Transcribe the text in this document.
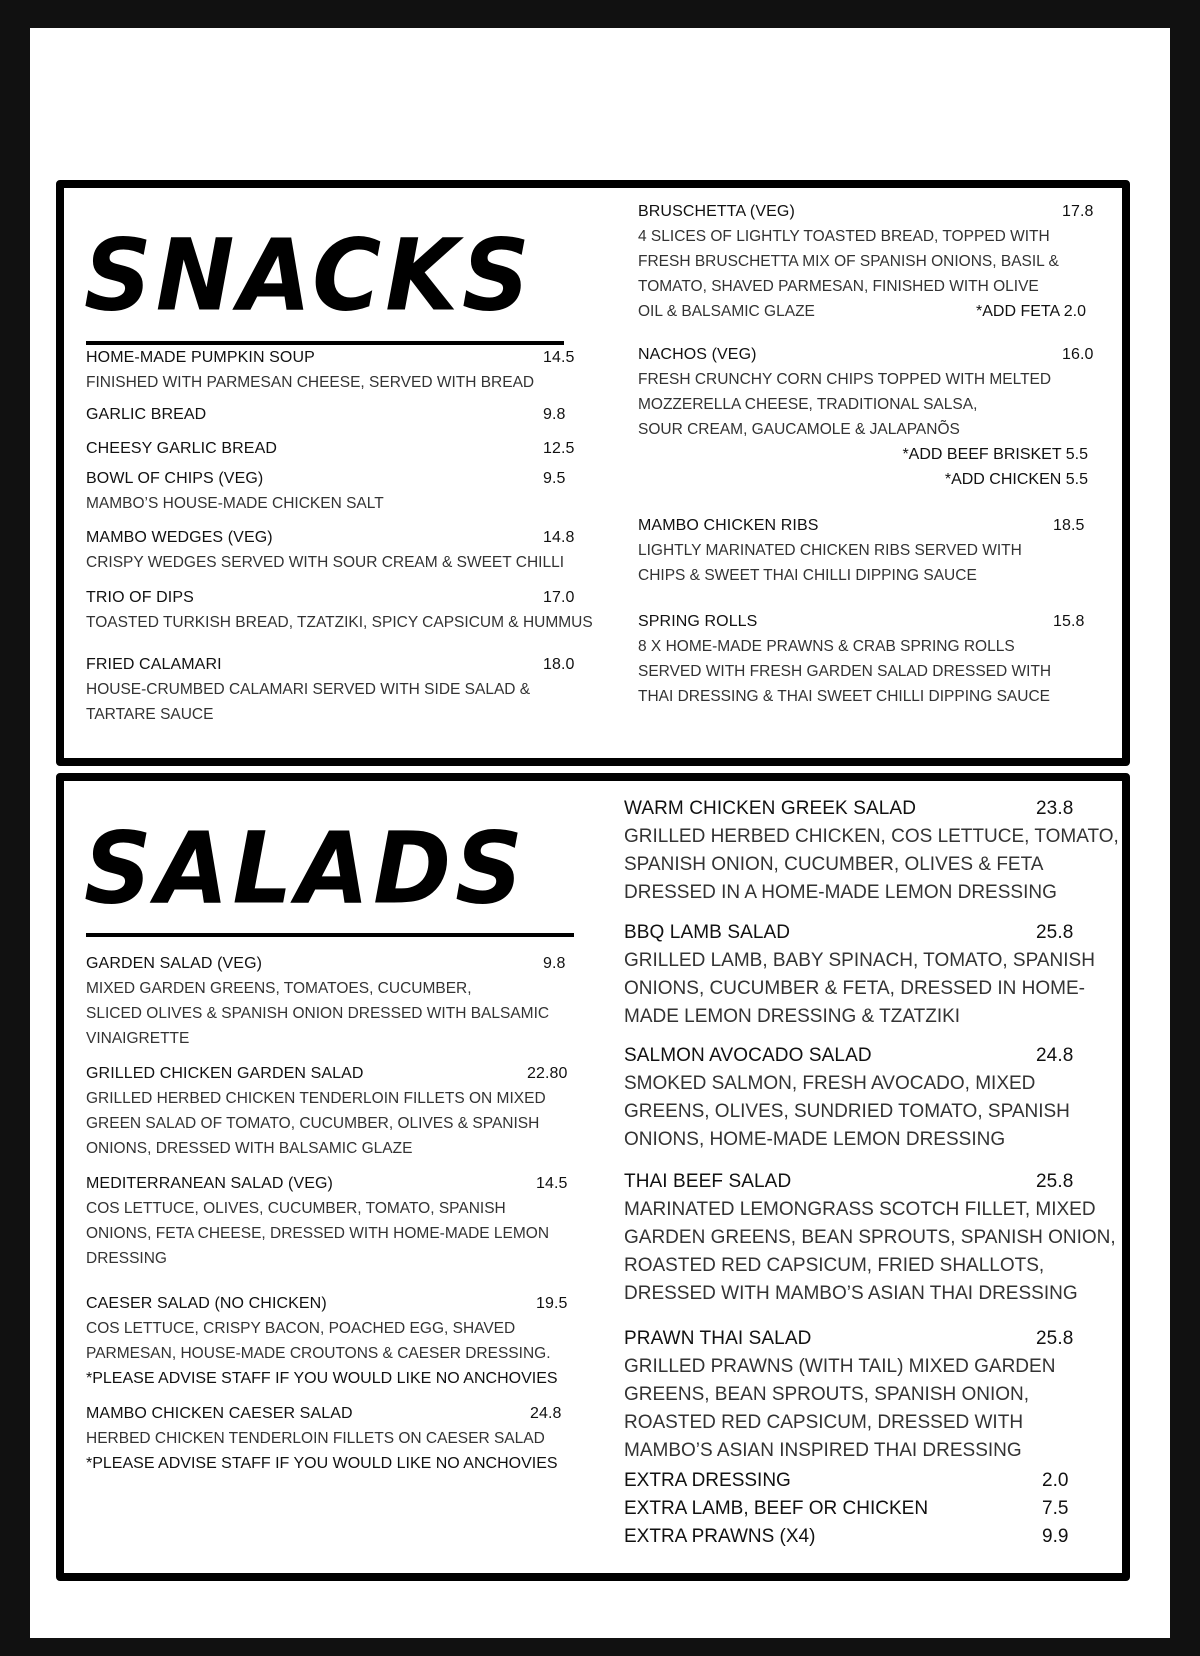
SNACKS
HOME-MADE PUMPKIN SOUP	14.5
FINISHED WITH PARMESAN CHEESE, SERVED WITH BREAD
GARLIC BREAD	9.8
CHEESY GARLIC BREAD	12.5
BOWL OF CHIPS (VEG)	9.5
MAMBO’S HOUSE-MADE CHICKEN SALT
MAMBO WEDGES (VEG)	14.8
CRISPY WEDGES SERVED WITH SOUR CREAM & SWEET CHILLI
TRIO OF DIPS	17.0
TOASTED TURKISH BREAD, TZATZIKI, SPICY CAPSICUM & HUMMUS
FRIED CALAMARI	18.0
HOUSE-CRUMBED CALAMARI SERVED WITH SIDE SALAD &
TARTARE SAUCE
BRUSCHETTA (VEG)	17.8
4 SLICES OF LIGHTLY TOASTED BREAD, TOPPED WITH
FRESH BRUSCHETTA MIX OF SPANISH ONIONS, BASIL &
TOMATO, SHAVED PARMESAN, FINISHED WITH OLIVE
OIL & BALSAMIC GLAZE	*ADD FETA 2.0
NACHOS (VEG)	16.0
FRESH CRUNCHY CORN CHIPS TOPPED WITH MELTED
MOZZERELLA CHEESE, TRADITIONAL SALSA,
SOUR CREAM, GAUCAMOLE & JALAPANÕS
*ADD BEEF BRISKET 5.5
*ADD CHICKEN 5.5
MAMBO CHICKEN RIBS	18.5
LIGHTLY MARINATED CHICKEN RIBS SERVED WITH
CHIPS & SWEET THAI CHILLI DIPPING SAUCE
SPRING ROLLS	15.8
8 X HOME-MADE PRAWNS & CRAB SPRING ROLLS
SERVED WITH FRESH GARDEN SALAD DRESSED WITH
THAI DRESSING & THAI SWEET CHILLI DIPPING SAUCE
SALADS
GARDEN SALAD (VEG)	9.8
MIXED GARDEN GREENS, TOMATOES, CUCUMBER,
SLICED OLIVES & SPANISH ONION DRESSED WITH BALSAMIC
VINAIGRETTE
GRILLED CHICKEN GARDEN SALAD	22.80
GRILLED HERBED CHICKEN TENDERLOIN FILLETS ON MIXED
GREEN SALAD OF TOMATO, CUCUMBER, OLIVES & SPANISH
ONIONS, DRESSED WITH BALSAMIC GLAZE
MEDITERRANEAN SALAD (VEG)	14.5
COS LETTUCE, OLIVES, CUCUMBER, TOMATO, SPANISH
ONIONS, FETA CHEESE, DRESSED WITH HOME-MADE LEMON
DRESSING
CAESER SALAD (NO CHICKEN)	19.5
COS LETTUCE, CRISPY BACON, POACHED EGG, SHAVED
PARMESAN, HOUSE-MADE CROUTONS & CAESER DRESSING.
*PLEASE ADVISE STAFF IF YOU WOULD LIKE NO ANCHOVIES
MAMBO CHICKEN CAESER SALAD	24.8
HERBED CHICKEN TENDERLOIN FILLETS ON CAESER SALAD
*PLEASE ADVISE STAFF IF YOU WOULD LIKE NO ANCHOVIES
WARM CHICKEN GREEK SALAD	23.8
GRILLED HERBED CHICKEN, COS LETTUCE, TOMATO,
SPANISH ONION, CUCUMBER, OLIVES & FETA
DRESSED IN A HOME-MADE LEMON DRESSING
BBQ LAMB SALAD	25.8
GRILLED LAMB, BABY SPINACH, TOMATO, SPANISH
ONIONS, CUCUMBER & FETA, DRESSED IN HOME-
MADE LEMON DRESSING & TZATZIKI
SALMON AVOCADO SALAD	24.8
SMOKED SALMON, FRESH AVOCADO, MIXED
GREENS, OLIVES, SUNDRIED TOMATO, SPANISH
ONIONS, HOME-MADE LEMON DRESSING
THAI BEEF SALAD	25.8
MARINATED LEMONGRASS SCOTCH FILLET, MIXED
GARDEN GREENS, BEAN SPROUTS, SPANISH ONION,
ROASTED RED CAPSICUM, FRIED SHALLOTS,
DRESSED WITH MAMBO’S ASIAN THAI DRESSING
PRAWN THAI SALAD	25.8
GRILLED PRAWNS (WITH TAIL) MIXED GARDEN
GREENS, BEAN SPROUTS, SPANISH ONION,
ROASTED RED CAPSICUM, DRESSED WITH
MAMBO’S ASIAN INSPIRED THAI DRESSING
EXTRA DRESSING	2.0
EXTRA LAMB, BEEF OR CHICKEN	7.5
EXTRA PRAWNS (X4)	9.9
